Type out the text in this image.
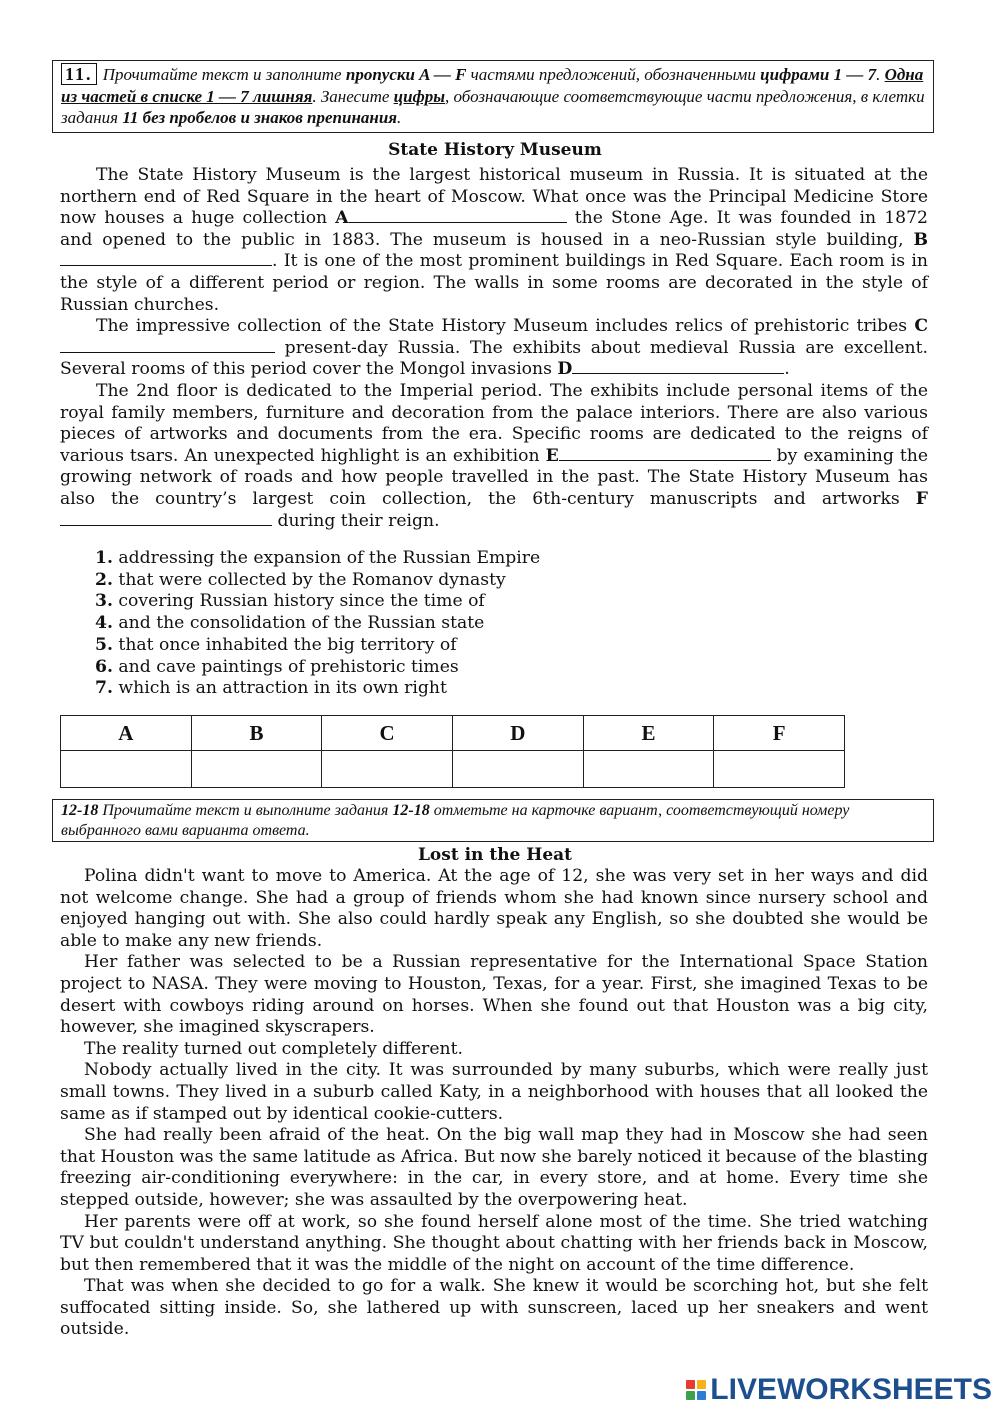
11. Прочитайте текст и заполните пропуски A — F частями предложений, обозначенными цифрами 1 — 7. Одна из частей в списке 1 — 7 лишняя. Занесите цифры, обозначающие соответствующие части предложения, в клетки задания 11 без пробелов и знаков препинания.
State History Museum

The State History Museum is the largest historical museum in Russia. It is situated at the northern end of Red Square in the heart of Moscow. What once was the Principal Medicine Store now houses a huge collection A	the Stone Age. It was founded in 1872 and opened to the public in 1883. The museum is housed in a neo-Russian style building, B. It is one of the most prominent buildings in Red Square. Each room is in the style of a different period or region. The walls in some rooms are decorated in the style of Russian churches.

The impressive collection of the State History Museum includes relics of prehistoric tribes C present-day Russia. The exhibits about medieval Russia are excellent. Several rooms of this period cover the Mongol invasions D	.

The 2nd floor is dedicated to the Imperial period. The exhibits include personal items of the royal family members, furniture and decoration from the palace interiors. There are also various pieces of artworks and documents from the era. Specific rooms are dedicated to the reigns of various tsars. An unexpected highlight is an exhibition E	by examining the growing network of roads and how people travelled in the past. The State History Museum has also the country’s largest coin collection, the 6th-century manuscripts and artworks F during their reign.

1. addressing the expansion of the Russian Empire
2. that were collected by the Romanov dynasty
3. covering Russian history since the time of
4. and the consolidation of the Russian state
5. that once inhabited the big territory of
6. and cave paintings of prehistoric times
7. which is an attraction in its own right
A	B	C	D	E	F

12-18 Прочитайте текст и выполните задания 12-18 отметьте на карточке вариант, соответствующий номеру выбранного вами варианта ответа.
Lost in the Heat

Polina didn't want to move to America. At the age of 12, she was very set in her ways and did not welcome change. She had a group of friends whom she had known since nursery school and enjoyed hanging out with. She also could hardly speak any English, so she doubted she would be able to make any new friends.

Her father was selected to be a Russian representative for the International Space Station project to NASA. They were moving to Houston, Texas, for a year. First, she imagined Texas to be desert with cowboys riding around on horses. When she found out that Houston was a big city, however, she imagined skyscrapers.

The reality turned out completely different.

Nobody actually lived in the city. It was surrounded by many suburbs, which were really just small towns. They lived in a suburb called Katy, in a neighborhood with houses that all looked the same as if stamped out by identical cookie-cutters.

She had really been afraid of the heat. On the big wall map they had in Moscow she had seen that Houston was the same latitude as Africa. But now she barely noticed it because of the blasting freezing air-conditioning everywhere: in the car, in every store, and at home. Every time she stepped outside, however; she was assaulted by the overpowering heat.

Her parents were off at work, so she found herself alone most of the time. She tried watching TV but couldn't understand anything. She thought about chatting with her friends back in Moscow, but then remembered that it was the middle of the night on account of the time difference.

That was when she decided to go for a walk. She knew it would be scorching hot, but she felt suffocated sitting inside. So, she lathered up with sunscreen, laced up her sneakers and went outside.

LIVEWORKSHEETS
